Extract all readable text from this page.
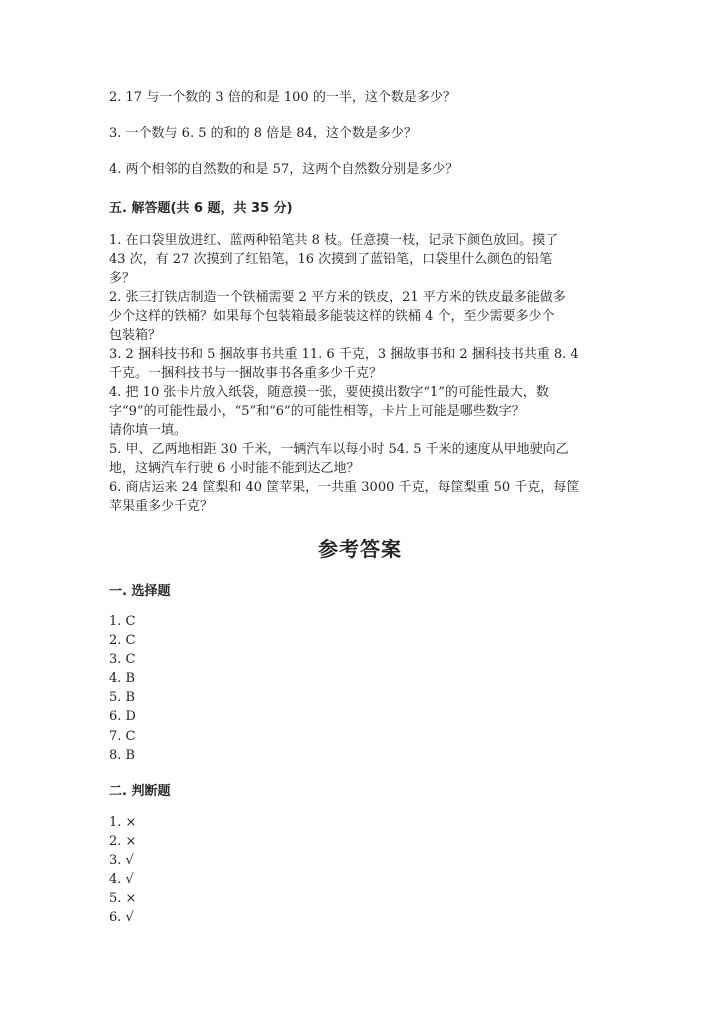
2. 17 与一个数的 3 倍的和是 100 的一半，这个数是多少？
3. 一个数与 6. 5 的和的 8 倍是 84，这个数是多少？
4. 两个相邻的自然数的和是 57，这两个自然数分别是多少？
五. 解答题(共 6 题，共 35 分)
1. 在口袋里放进红、蓝两种铅笔共 8 枝。任意摸一枝，记录下颜色放回。摸了
43 次，有 27 次摸到了红铅笔，16 次摸到了蓝铅笔，口袋里什么颜色的铅笔
多？
2. 张三打铁店制造一个铁桶需要 2 平方米的铁皮，21 平方米的铁皮最多能做多
少个这样的铁桶？如果每个包装箱最多能装这样的铁桶 4 个，至少需要多少个
包装箱？
3. 2 捆科技书和 5 捆故事书共重 11. 6 千克，3 捆故事书和 2 捆科技书共重 8. 4
千克。一捆科技书与一捆故事书各重多少千克？
4. 把 10 张卡片放入纸袋，随意摸一张，要使摸出数字“1”的可能性最大，数
字“9”的可能性最小，“5”和“6”的可能性相等，卡片上可能是哪些数字？
请你填一填。
5. 甲、乙两地相距 30 千米，一辆汽车以每小时 54. 5 千米的速度从甲地驶向乙
地，这辆汽车行驶 6 小时能不能到达乙地？
6. 商店运来 24 筐梨和 40 筐苹果，一共重 3000 千克，每筐梨重 50 千克，每筐
苹果重多少千克？
参考答案
一. 选择题
1. C
2. C
3. C
4. B
5. B
6. D
7. C
8. B
二. 判断题
1. ×
2. ×
3. √
4. √
5. ×
6. √
